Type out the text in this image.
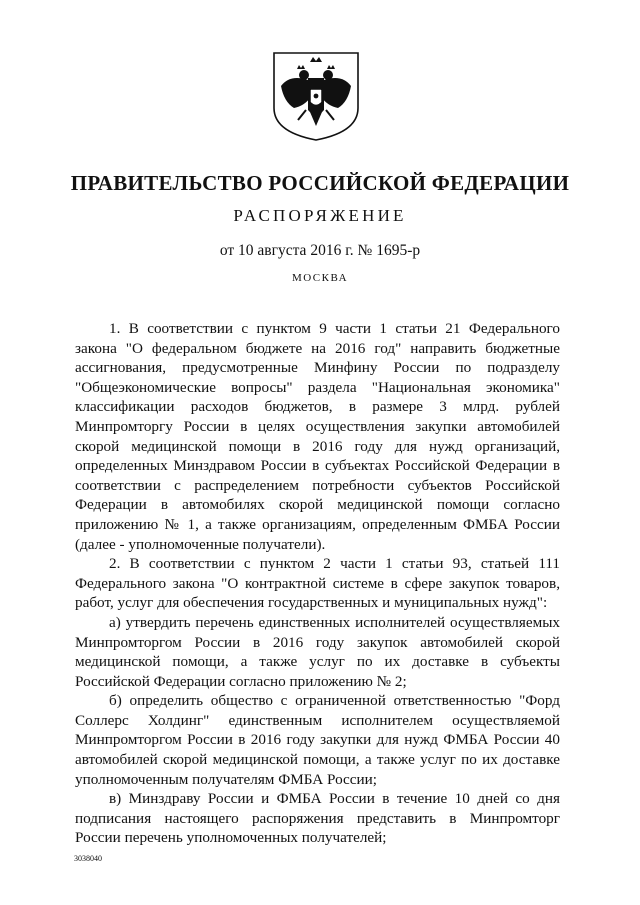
ПРАВИТЕЛЬСТВО РОССИЙСКОЙ ФЕДЕРАЦИИ
РАСПОРЯЖЕНИЕ
от 10 августа 2016 г. № 1695-р
МОСКВА

1. В соответствии с пунктом 9 части 1 статьи 21 Федерального закона "О федеральном бюджете на 2016 год" направить бюджетные ассигнования, предусмотренные Минфину России по подразделу "Общеэкономические вопросы" раздела "Национальная экономика" классификации расходов бюджетов, в размере 3 млрд. рублей Минпромторгу России в целях осуществления закупки автомобилей скорой медицинской помощи в 2016 году для нужд организаций, определенных Минздравом России в субъектах Российской Федерации в соответствии с распределением потребности субъектов Российской Федерации в автомобилях скорой медицинской помощи согласно приложению № 1, а также организациям, определенным ФМБА России (далее - уполномоченные получатели).

2. В соответствии с пунктом 2 части 1 статьи 93, статьей 111 Федерального закона "О контрактной системе в сфере закупок товаров, работ, услуг для обеспечения государственных и муниципальных нужд":

а) утвердить перечень единственных исполнителей осуществляемых Минпромторгом России в 2016 году закупок автомобилей скорой медицинской помощи, а также услуг по их доставке в субъекты Российской Федерации согласно приложению № 2;

б) определить общество с ограниченной ответственностью "Форд Соллерс Холдинг" единственным исполнителем осуществляемой Минпромторгом России в 2016 году закупки для нужд ФМБА России 40 автомобилей скорой медицинской помощи, а также услуг по их доставке уполномоченным получателям ФМБА России;

в) Минздраву России и ФМБА России в течение 10 дней со дня подписания настоящего распоряжения представить в Минпромторг России перечень уполномоченных получателей;

3038040
